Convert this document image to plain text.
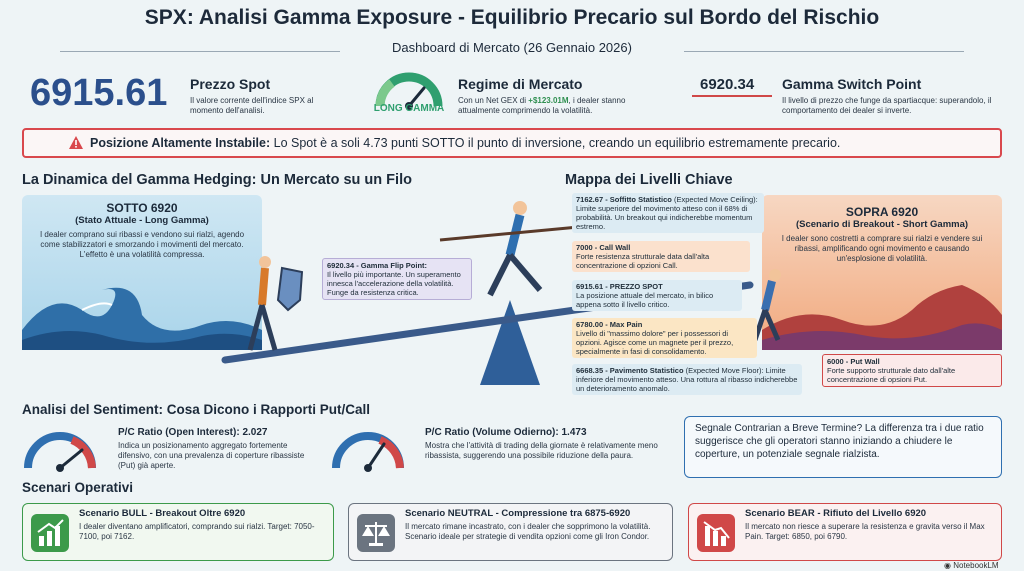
SPX: Analisi Gamma Exposure - Equilibrio Precario sul Bordo del Rischio
Dashboard di Mercato (26 Gennaio 2026)
6915.61 Prezzo Spot
Il valore corrente dell'indice SPX al momento dell'analisi.	LONG GAMMA
Regime di Mercato
Con un Net GEX di +$123.01M, i dealer stanno attualmente comprimendo la volatilità.
6920.34 Gamma Switch Point
Il livello di prezzo che funge da spartiacque: superandolo, il comportamento dei dealer si inverte.
Posizione Altamente Instabile: Lo Spot è a soli 4.73 punti SOTTO il punto di inversione, creando un equilibrio estremamente precario.
La Dinamica del Gamma Hedging: Un Mercato su un Filo	Mappa dei Livelli Chiave
SOTTO 6920
(Stato Attuale - Long Gamma)
I dealer comprano sui ribassi e vendono sui rialzi, agendo come stabilizzatori e smorzando i movimenti del mercato. L'effetto è una volatilità compressa.
SOPRA 6920
(Scenario di Breakout - Short Gamma)
I dealer sono costretti a comprare sui rialzi e vendere sui ribassi, amplificando ogni movimento e causando un'esplosione di volatilità.
6920.34 - Gamma Flip Point:
Il livello più importante. Un superamento innesca l'accelerazione della volatilità. Funge da resistenza critica.
7162.67 - Soffitto Statistico (Expected Move Ceiling): Limite superiore del movimento atteso con il 68% di probabilità. Un breakout qui indicherebbe momentum estremo.
7000 - Call Wall
Forte resistenza strutturale data dall'alta concentrazione di opzioni Call.
6915.61 - PREZZO SPOT
La posizione attuale del mercato, in bilico appena sotto il livello critico.
6780.00 - Max Pain
Livello di "massimo dolore" per i possessori di opzioni. Agisce come un magnete per il prezzo, specialmente in fasi di consolidamento.
6668.35 - Pavimento Statistico (Expected Move Floor): Limite inferiore del movimento atteso. Una rottura al ribasso indicherebbe un deterioramento anomalo.
6000 - Put Wall
Forte supporto strutturale dato dall'alte concentrazione di opsioni Put.
Analisi del Sentiment: Cosa Dicono i Rapporti Put/Call
P/C Ratio (Open Interest): 2.027
Indica un posizionamento aggregato fortemente difensivo, con una prevalenza di coperture ribassiste (Put) già aperte.
P/C Ratio (Volume Odierno): 1.473
Mostra che l'attività di trading della giornate è relativamente meno ribassista, suggerendo una possibile riduzione della paura.
Segnale Contrarian a Breve Termine? La differenza tra i due ratio suggerisce che gli operatori stanno iniziando a chiudere le coperture, un potenziale segnale rialzista.
Scenari Operativi
Scenario BULL - Breakout Oltre 6920
I dealer diventano amplificatori, comprando sui rialzi. Target: 7050-7100, poi 7162.
Scenario NEUTRAL - Compressione tra 6875-6920
Il mercato rimane incastrato, con i dealer che sopprimono la volatilità. Scenario ideale per strategie di vendita opzioni come gli Iron Condor.
Scenario BEAR - Rifiuto del Livello 6920
Il mercato non riesce a superare la resistenza e gravita verso il Max Pain. Target: 6850, poi 6790.
◉ NotebookLM
